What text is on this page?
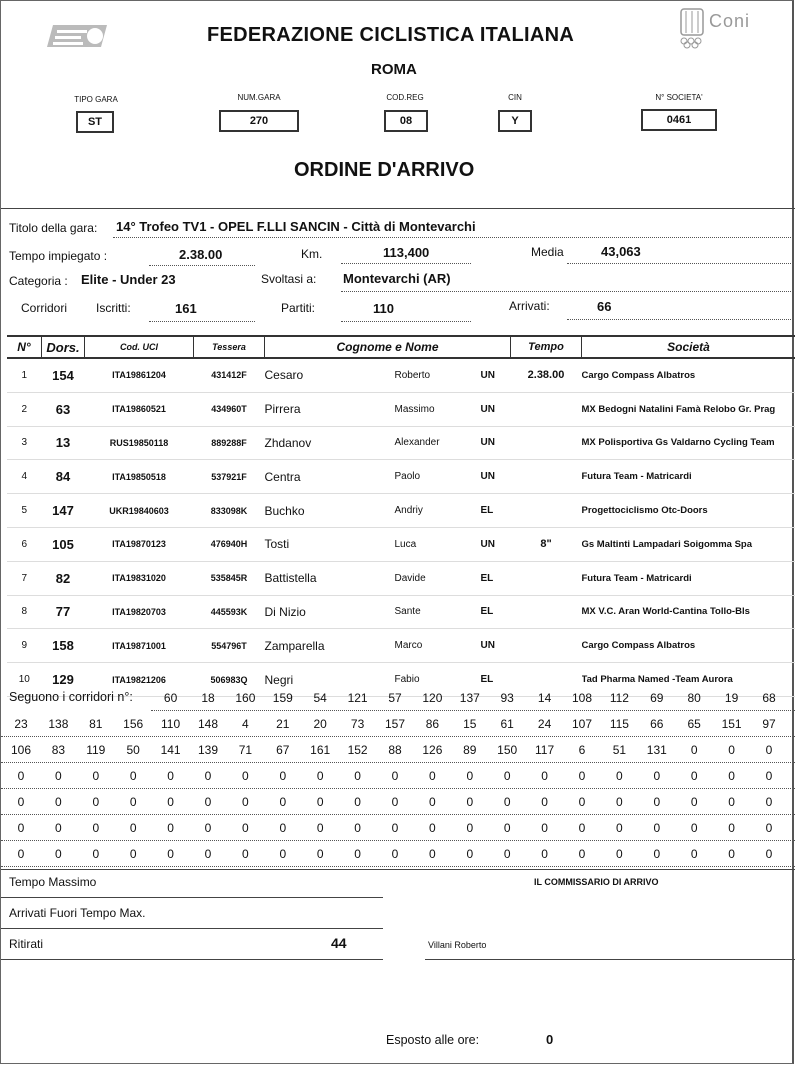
Coni
FEDERAZIONE CICLISTICA ITALIANA
ROMA
TIPO GARA
ST
NUM.GARA
270
COD.REG
08
CIN
Y
N° SOCIETA'
0461
ORDINE D'ARRIVO
Titolo della gara: 14° Trofeo TV1 - OPEL F.LLI SANCIN - Città di Montevarchi
Tempo impiegato :	2.38.00	Km.	113,400	Media	43,063
Categoria : Elite - Under 23	Svoltasi a: Montevarchi (AR)
Corridori Iscritti:	161	Partiti:	110	Arrivati:	66
N°	Dors.	Cod. UCI	Tessera	Cognome e Nome			Tempo	Società
1	154	ITA19861204	431412F	Cesaro	Roberto	UN	2.38.00	Cargo Compass Albatros
2	63	ITA19860521	434960T	Pirrera	Massimo	UN		MX Bedogni Natalini Famà Relobo Gr. Prag
3	13	RUS19850118	889288F	Zhdanov	Alexander	UN		MX Polisportiva Gs Valdarno Cycling Team
4	84	ITA19850518	537921F	Centra	Paolo	UN		Futura Team - Matricardi
5	147	UKR19840603	833098K	Buchko	Andriy	EL		Progettociclismo Otc-Doors
6	105	ITA19870123	476940H	Tosti	Luca	UN	8"	Gs Maltinti Lampadari Soigomma Spa
7	82	ITA19831020	535845R	Battistella	Davide	EL		Futura Team - Matricardi
8	77	ITA19820703	445593K	Di Nizio	Sante	EL		MX V.C. Aran World-Cantina Tollo-Bls
9	158	ITA19871001	554796T	Zamparella	Marco	UN		Cargo Compass Albatros
10	129	ITA19821206	506983Q	Negri	Fabio	EL		Tad Pharma Named -Team Aurora
Seguono i corridori n°:	60	18	160	159	54	121	57	120	137	93	14	108	112	69	80	19	68
23	138	81	156	110	148	4	21	20	73	157	86	15	61	24	107	115	66	65	151	97
106	83	119	50	141	139	71	67	161	152	88	126	89	150	117	6	51	131	0	0	0
0	0	0	0	0	0	0	0	0	0	0	0	0	0	0	0	0	0	0	0	0
0	0	0	0	0	0	0	0	0	0	0	0	0	0	0	0	0	0	0	0	0
0	0	0	0	0	0	0	0	0	0	0	0	0	0	0	0	0	0	0	0	0
0	0	0	0	0	0	0	0	0	0	0	0	0	0	0	0	0	0	0	0	0
Tempo Massimo
Arrivati Fuori Tempo Max.
Ritirati	44
IL COMMISSARIO DI ARRIVO
Villani Roberto
Esposto alle ore:	0
